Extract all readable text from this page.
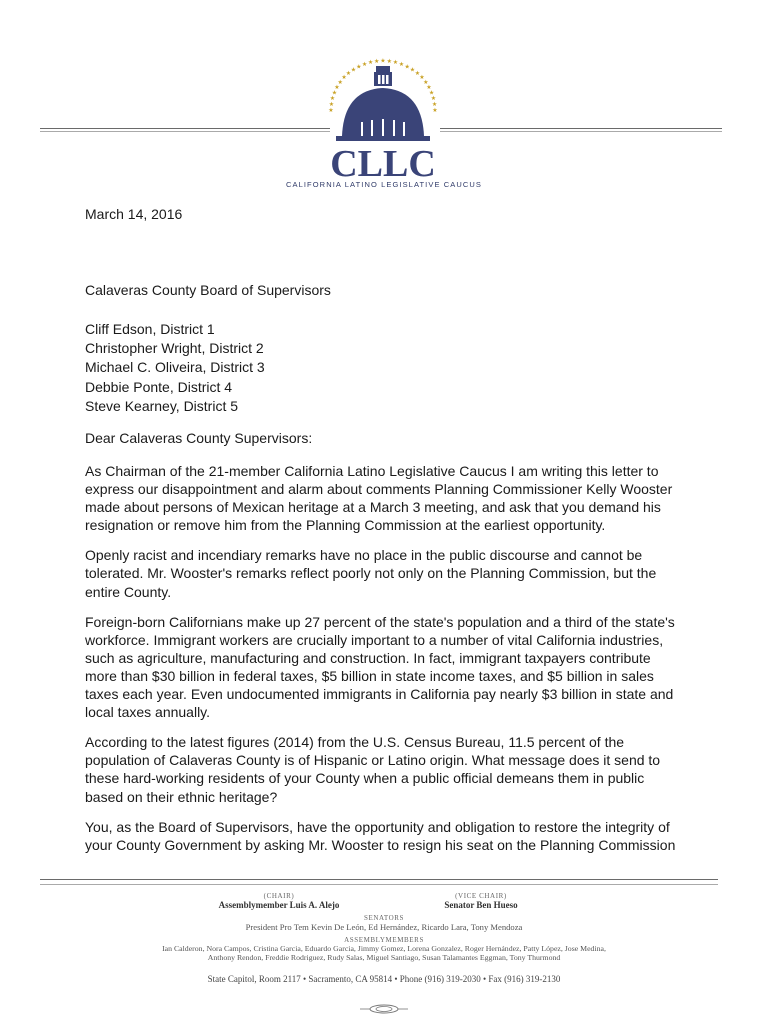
★
★
★
★
★
★
★
★
★ ★ ★ ★ ★ ★ ★ ★ ★ ★ ★
★
★
★
★
★
★
★
★
CLLC
CALIFORNIA LATINO LEGISLATIVE CAUCUS
March 14, 2016
Calaveras County Board of Supervisors
Cliff Edson, District 1
Christopher Wright, District 2
Michael C. Oliveira, District 3
Debbie Ponte, District 4
Steve Kearney, District 5
Dear Calaveras County Supervisors:

As Chairman of the 21-member California Latino Legislative Caucus I am writing this letter to express our disappointment and alarm about comments Planning Commissioner Kelly Wooster made about persons of Mexican heritage at a March 3 meeting, and ask that you demand his resignation or remove him from the Planning Commission at the earliest opportunity.

Openly racist and incendiary remarks have no place in the public discourse and cannot be tolerated. Mr. Wooster's remarks reflect poorly not only on the Planning Commission, but the entire County.

Foreign-born Californians make up 27 percent of the state's population and a third of the state's workforce. Immigrant workers are crucially important to a number of vital California industries, such as agriculture, manufacturing and construction. In fact, immigrant taxpayers contribute more than $30 billion in federal taxes, $5 billion in state income taxes, and $5 billion in sales taxes each year. Even undocumented immigrants in California pay nearly $3 billion in state and local taxes annually.

According to the latest figures (2014) from the U.S. Census Bureau, 11.5 percent of the population of Calaveras County is of Hispanic or Latino origin. What message does it send to these hard-working residents of your County when a public official demeans them in public based on their ethnic heritage?

You, as the Board of Supervisors, have the opportunity and obligation to restore the integrity of your County Government by asking Mr. Wooster to resign his seat on the Planning Commission

(CHAIR)
Assemblymember Luis A. Alejo
(VICE CHAIR)
Senator Ben Hueso
SENATORS
President Pro Tem Kevin De León, Ed Hernández, Ricardo Lara, Tony Mendoza
ASSEMBLYMEMBERS
Ian Calderon, Nora Campos, Cristina Garcia, Eduardo Garcia, Jimmy Gomez, Lorena Gonzalez, Roger Hernández, Patty López, Jose Medina,
Anthony Rendon, Freddie Rodriguez, Rudy Salas, Miguel Santiago, Susan Talamantes Eggman, Tony Thurmond
State Capitol, Room 2117 • Sacramento, CA 95814 • Phone (916) 319-2030 • Fax (916) 319-2130
